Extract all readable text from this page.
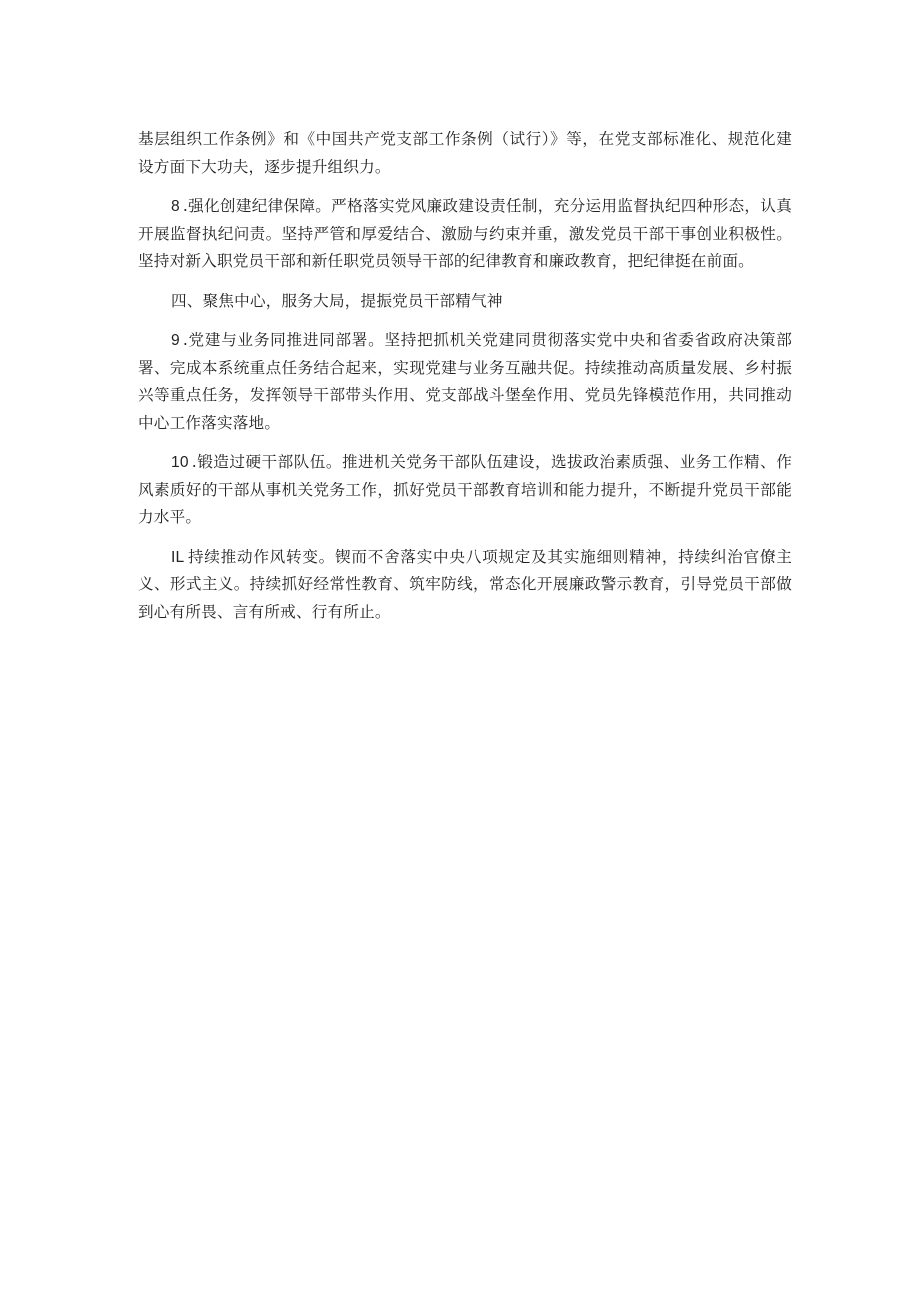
基层组织工作条例》和《中国共产党支部工作条例（试行）》等，在党支部标准化、规范化建设方面下大功夫，逐步提升组织力。

8 .强化创建纪律保障。严格落实党风廉政建设责任制，充分运用监督执纪四种形态，认真开展监督执纪问责。坚持严管和厚爱结合、激励与约束并重，激发党员干部干事创业积极性。坚持对新入职党员干部和新任职党员领导干部的纪律教育和廉政教育，把纪律挺在前面。

四、聚焦中心，服务大局，提振党员干部精气神

9 .党建与业务同推进同部署。坚持把抓机关党建同贯彻落实党中央和省委省政府决策部署、完成本系统重点任务结合起来，实现党建与业务互融共促。持续推动高质量发展、乡村振兴等重点任务，发挥领导干部带头作用、党支部战斗堡垒作用、党员先锋模范作用，共同推动中心工作落实落地。

10 .锻造过硬干部队伍。推进机关党务干部队伍建设，选拔政治素质强、业务工作精、作风素质好的干部从事机关党务工作，抓好党员干部教育培训和能力提升，不断提升党员干部能力水平。

IL 持续推动作风转变。锲而不舍落实中央八项规定及其实施细则精神，持续纠治官僚主义、形式主义。持续抓好经常性教育、筑牢防线，常态化开展廉政警示教育，引导党员干部做到心有所畏、言有所戒、行有所止。
